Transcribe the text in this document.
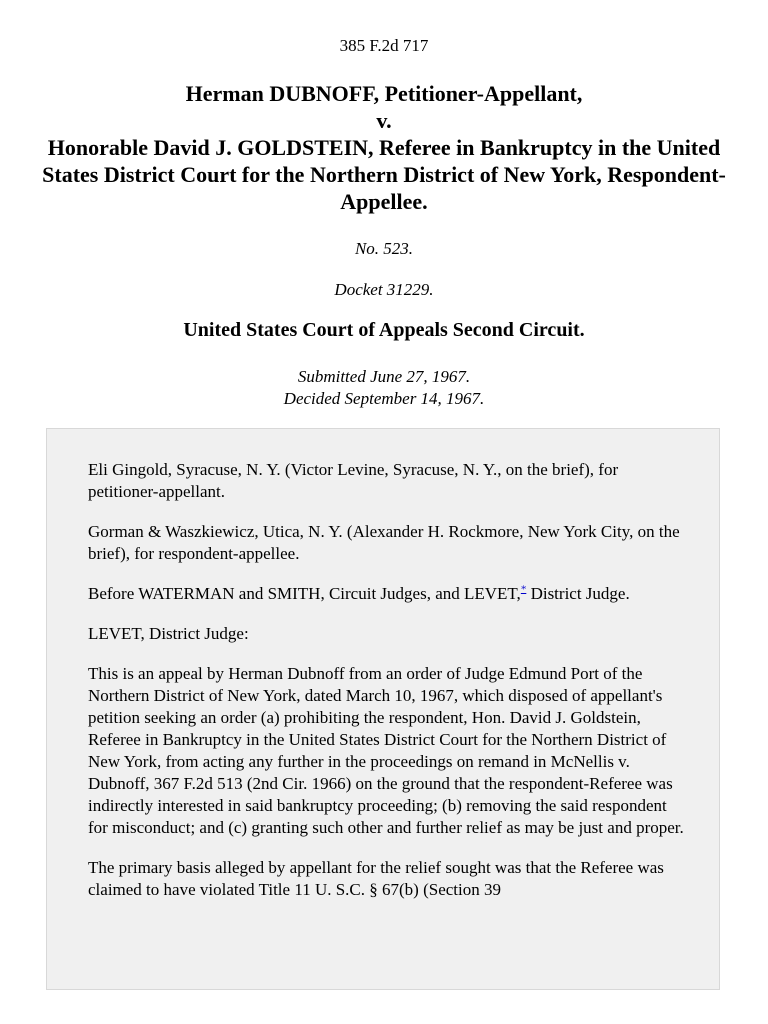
385 F.2d 717
Herman DUBNOFF, Petitioner-Appellant,
v.
Honorable David J. GOLDSTEIN, Referee in Bankruptcy in the United States District Court for the Northern District of New York, Respondent-Appellee.
No. 523.
Docket 31229.
United States Court of Appeals Second Circuit.
Submitted June 27, 1967.
Decided September 14, 1967.

Eli Gingold, Syracuse, N. Y. (Victor Levine, Syracuse, N. Y., on the brief), for petitioner-appellant.

Gorman & Waszkiewicz, Utica, N. Y. (Alexander H. Rockmore, New York City, on the brief), for respondent-appellee.

Before WATERMAN and SMITH, Circuit Judges, and LEVET,* District Judge.

LEVET, District Judge:

This is an appeal by Herman Dubnoff from an order of Judge Edmund Port of the Northern District of New York, dated March 10, 1967, which disposed of appellant's petition seeking an order (a) prohibiting the respondent, Hon. David J. Goldstein, Referee in Bankruptcy in the United States District Court for the Northern District of New York, from acting any further in the proceedings on remand in McNellis v. Dubnoff, 367 F.2d 513 (2nd Cir. 1966) on the ground that the respondent-Referee was indirectly interested in said bankruptcy proceeding; (b) removing the said respondent for misconduct; and (c) granting such other and further relief as may be just and proper.

The primary basis alleged by appellant for the relief sought was that the Referee was claimed to have violated Title 11 U. S.C. § 67(b) (Section 39
